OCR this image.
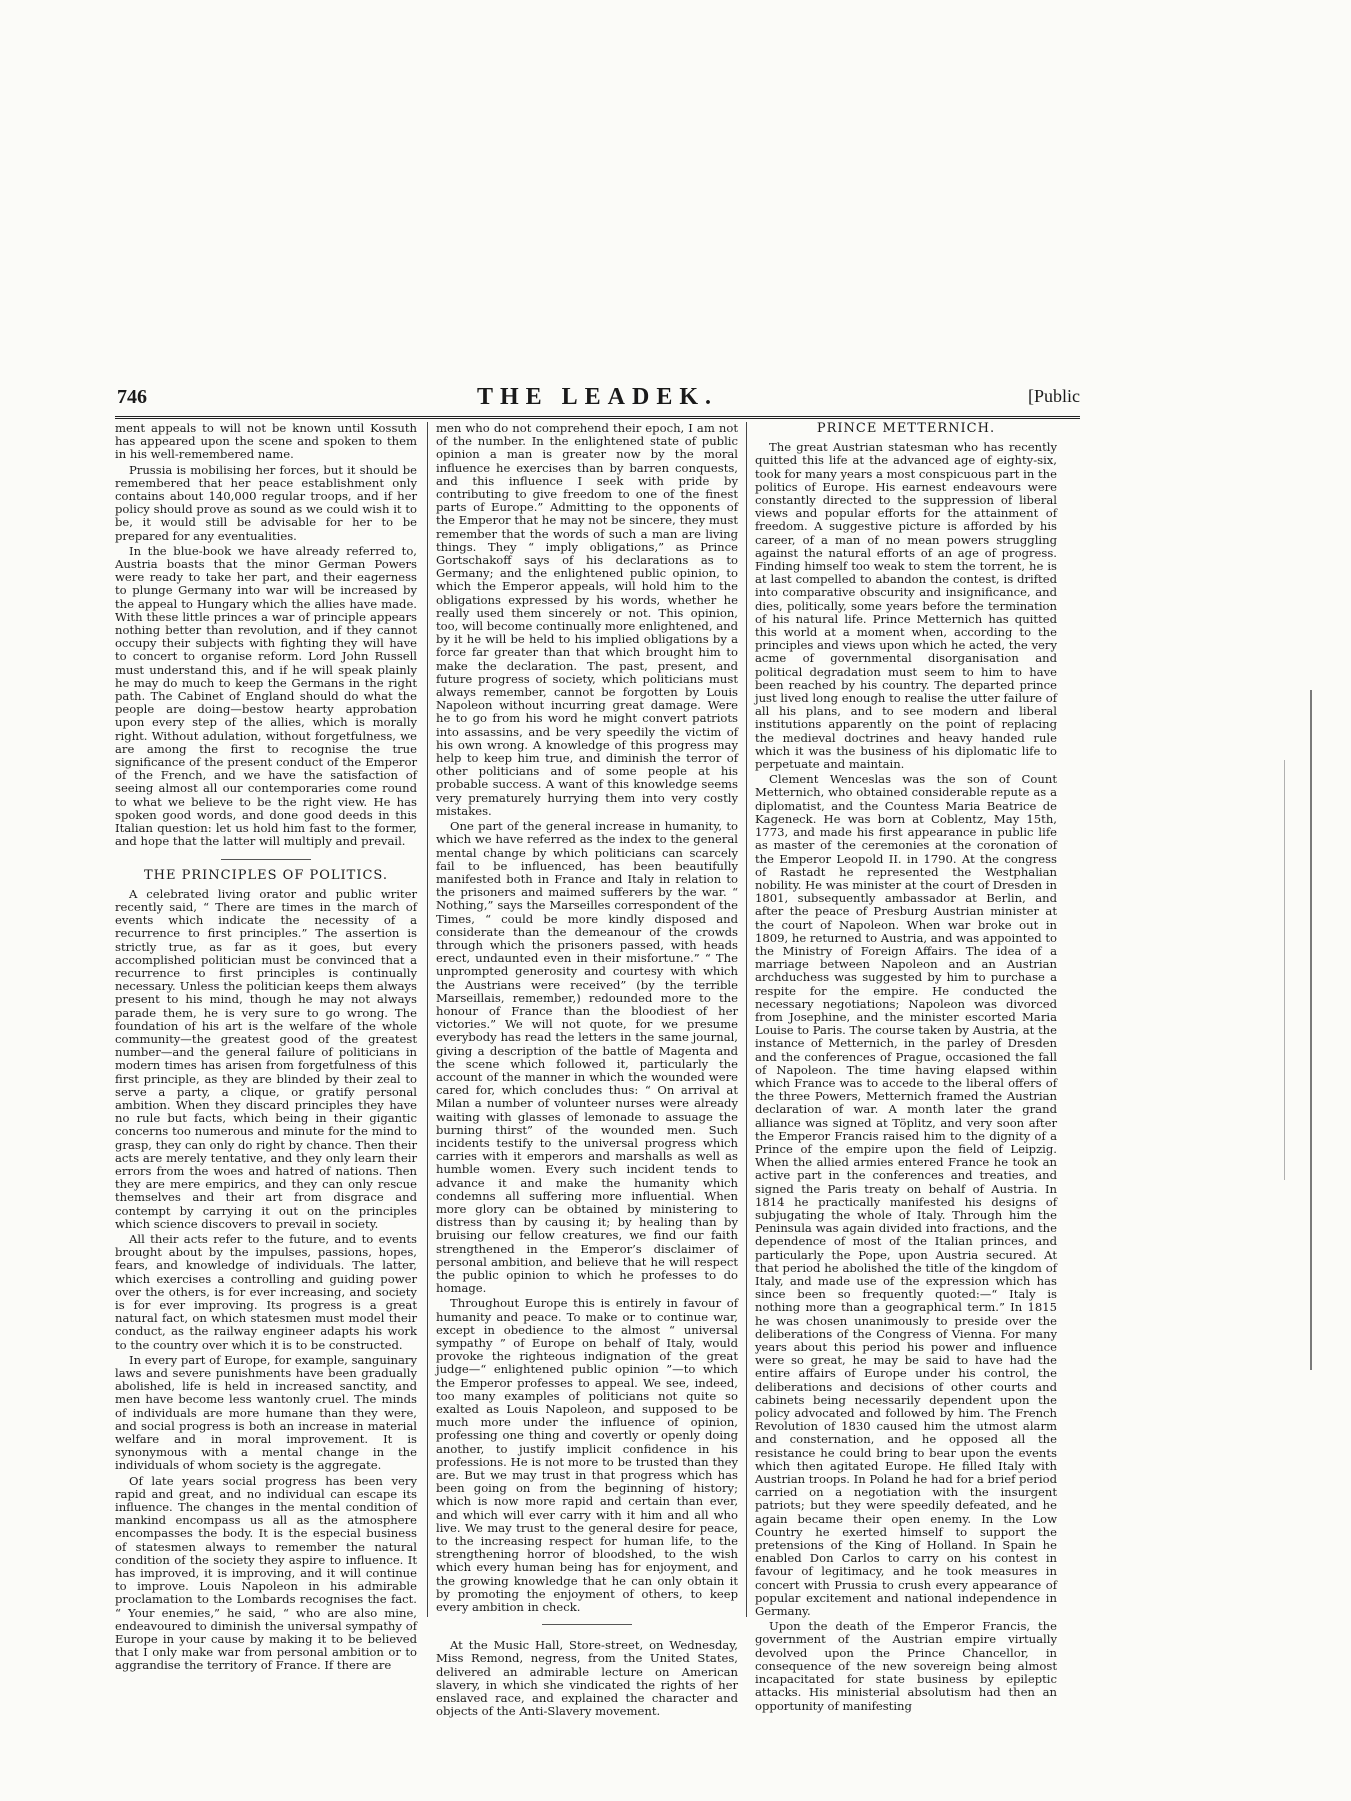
746	THE LEADEK.	[Public

ment appeals to will not be known until Kossuth has appeared upon the scene and spoken to them in his well-remembered name.

Prussia is mobilising her forces, but it should be remembered that her peace establishment only contains about 140,000 regular troops, and if her policy should prove as sound as we could wish it to be, it would still be advisable for her to be prepared for any eventualities.

In the blue-book we have already referred to, Austria boasts that the minor German Powers were ready to take her part, and their eagerness to plunge Germany into war will be increased by the appeal to Hungary which the allies have made. With these little princes a war of principle appears nothing better than revolution, and if they cannot occupy their subjects with fighting they will have to concert to organise reform. Lord John Russell must understand this, and if he will speak plainly he may do much to keep the Germans in the right path. The Cabinet of England should do what the people are doing—bestow hearty approbation upon every step of the allies, which is morally right. Without adulation, without forgetfulness, we are among the first to recognise the true significance of the present conduct of the Emperor of the French, and we have the satisfaction of seeing almost all our contemporaries come round to what we believe to be the right view. He has spoken good words, and done good deeds in this Italian question: let us hold him fast to the former, and hope that the latter will multiply and prevail.

THE PRINCIPLES OF POLITICS.

A celebrated living orator and public writer recently said, “ There are times in the march of events which indicate the necessity of a recurrence to first principles.” The assertion is strictly true, as far as it goes, but every accomplished politician must be convinced that a recurrence to first principles is continually necessary. Unless the politician keeps them always present to his mind, though he may not always parade them, he is very sure to go wrong. The foundation of his art is the welfare of the whole community—the greatest good of the greatest number—and the general failure of politicians in modern times has arisen from forgetfulness of this first principle, as they are blinded by their zeal to serve a party, a clique, or gratify personal ambition. When they discard principles they have no rule but facts, which being in their gigantic concerns too numerous and minute for the mind to grasp, they can only do right by chance. Then their acts are merely tentative, and they only learn their errors from the woes and hatred of nations. Then they are mere empirics, and they can only rescue themselves and their art from disgrace and contempt by carrying it out on the principles which science discovers to prevail in society.

All their acts refer to the future, and to events brought about by the impulses, passions, hopes, fears, and knowledge of individuals. The latter, which exercises a controlling and guiding power over the others, is for ever increasing, and society is for ever improving. Its progress is a great natural fact, on which statesmen must model their conduct, as the railway engineer adapts his work to the country over which it is to be constructed.

In every part of Europe, for example, sanguinary laws and severe punishments have been gradually abolished, life is held in increased sanctity, and men have become less wantonly cruel. The minds of individuals are more humane than they were, and social progress is both an increase in material welfare and in moral improvement. It is synonymous with a mental change in the individuals of whom society is the aggregate.

Of late years social progress has been very rapid and great, and no individual can escape its influence. The changes in the mental condition of mankind encompass us all as the atmosphere encompasses the body. It is the especial business of statesmen always to remember the natural condition of the society they aspire to influence. It has improved, it is improving, and it will continue to improve. Louis Napoleon in his admirable proclamation to the Lombards recognises the fact. “ Your enemies,” he said, “ who are also mine, endeavoured to diminish the universal sympathy of Europe in your cause by making it to be believed that I only make war from personal ambition or to aggrandise the territory of France. If there are

men who do not comprehend their epoch, I am not of the number. In the enlightened state of public opinion a man is greater now by the moral influence he exercises than by barren conquests, and this influence I seek with pride by contributing to give freedom to one of the finest parts of Europe.” Admitting to the opponents of the Emperor that he may not be sincere, they must remember that the words of such a man are living things. They “ imply obligations,” as Prince Gortschakoff says of his declarations as to Germany; and the enlightened public opinion, to which the Emperor appeals, will hold him to the obligations expressed by his words, whether he really used them sincerely or not. This opinion, too, will become continually more enlightened, and by it he will be held to his implied obligations by a force far greater than that which brought him to make the declaration. The past, present, and future progress of society, which politicians must always remember, cannot be forgotten by Louis Napoleon without incurring great damage. Were he to go from his word he might convert patriots into assassins, and be very speedily the victim of his own wrong. A knowledge of this progress may help to keep him true, and diminish the terror of other politicians and of some people at his probable success. A want of this knowledge seems very prematurely hurrying them into very costly mistakes.

One part of the general increase in humanity, to which we have referred as the index to the general mental change by which politicians can scarcely fail to be influenced, has been beautifully manifested both in France and Italy in relation to the prisoners and maimed sufferers by the war. “ Nothing,” says the Marseilles correspondent of the Times, “ could be more kindly disposed and considerate than the demeanour of the crowds through which the prisoners passed, with heads erect, undaunted even in their misfortune.” “ The unprompted generosity and courtesy with which the Austrians were received” (by the terrible Marseillais, remember,) redounded more to the honour of France than the bloodiest of her victories.” We will not quote, for we presume everybody has read the letters in the same journal, giving a description of the battle of Magenta and the scene which followed it, particularly the account of the manner in which the wounded were cared for, which concludes thus: “ On arrival at Milan a number of volunteer nurses were already waiting with glasses of lemonade to assuage the burning thirst” of the wounded men. Such incidents testify to the universal progress which carries with it emperors and marshalls as well as humble women. Every such incident tends to advance it and make the humanity which condemns all suffering more influential. When more glory can be obtained by ministering to distress than by causing it; by healing than by bruising our fellow creatures, we find our faith strengthened in the Emperor’s disclaimer of personal ambition, and believe that he will respect the public opinion to which he professes to do homage.

Throughout Europe this is entirely in favour of humanity and peace. To make or to continue war, except in obedience to the almost “ universal sympathy ” of Europe on behalf of Italy, would provoke the righteous indignation of the great judge—“ enlightened public opinion ”—to which the Emperor professes to appeal. We see, indeed, too many examples of politicians not quite so exalted as Louis Napoleon, and supposed to be much more under the influence of opinion, professing one thing and covertly or openly doing another, to justify implicit confidence in his professions. He is not more to be trusted than they are. But we may trust in that progress which has been going on from the beginning of history; which is now more rapid and certain than ever, and which will ever carry with it him and all who live. We may trust to the general desire for peace, to the increasing respect for human life, to the strengthening horror of bloodshed, to the wish which every human being has for enjoyment, and the growing knowledge that he can only obtain it by promoting the enjoyment of others, to keep every ambition in check.

At the Music Hall, Store-street, on Wednesday, Miss Remond, negress, from the United States, delivered an admirable lecture on American slavery, in which she vindicated the rights of her enslaved race, and explained the character and objects of the Anti-Slavery movement.

PRINCE METTERNICH.

The great Austrian statesman who has recently quitted this life at the advanced age of eighty-six, took for many years a most conspicuous part in the politics of Europe. His earnest endeavours were constantly directed to the suppression of liberal views and popular efforts for the attainment of freedom. A suggestive picture is afforded by his career, of a man of no mean powers struggling against the natural efforts of an age of progress. Finding himself too weak to stem the torrent, he is at last compelled to abandon the contest, is drifted into comparative obscurity and insignificance, and dies, politically, some years before the termination of his natural life. Prince Metternich has quitted this world at a moment when, according to the principles and views upon which he acted, the very acme of governmental disorganisation and political degradation must seem to him to have been reached by his country. The departed prince just lived long enough to realise the utter failure of all his plans, and to see modern and liberal institutions apparently on the point of replacing the medieval doctrines and heavy handed rule which it was the business of his diplomatic life to perpetuate and maintain.

Clement Wenceslas was the son of Count Metternich, who obtained considerable repute as a diplomatist, and the Countess Maria Beatrice de Kageneck. He was born at Coblentz, May 15th, 1773, and made his first appearance in public life as master of the ceremonies at the coronation of the Emperor Leopold II. in 1790. At the congress of Rastadt he represented the Westphalian nobility. He was minister at the court of Dresden in 1801, subsequently ambassador at Berlin, and after the peace of Presburg Austrian minister at the court of Napoleon. When war broke out in 1809, he returned to Austria, and was appointed to the Ministry of Foreign Affairs. The idea of a marriage between Napoleon and an Austrian archduchess was suggested by him to purchase a respite for the empire. He conducted the necessary negotiations; Napoleon was divorced from Josephine, and the minister escorted Maria Louise to Paris. The course taken by Austria, at the instance of Metternich, in the parley of Dresden and the conferences of Prague, occasioned the fall of Napoleon. The time having elapsed within which France was to accede to the liberal offers of the three Powers, Metternich framed the Austrian declaration of war. A month later the grand alliance was signed at Töplitz, and very soon after the Emperor Francis raised him to the dignity of a Prince of the empire upon the field of Leipzig. When the allied armies entered France he took an active part in the conferences and treaties, and signed the Paris treaty on behalf of Austria. In 1814 he practically manifested his designs of subjugating the whole of Italy. Through him the Peninsula was again divided into fractions, and the dependence of most of the Italian princes, and particularly the Pope, upon Austria secured. At that period he abolished the title of the kingdom of Italy, and made use of the expression which has since been so frequently quoted:—“ Italy is nothing more than a geographical term.” In 1815 he was chosen unanimously to preside over the deliberations of the Congress of Vienna. For many years about this period his power and influence were so great, he may be said to have had the entire affairs of Europe under his control, the deliberations and decisions of other courts and cabinets being necessarily dependent upon the policy advocated and followed by him. The French Revolution of 1830 caused him the utmost alarm and consternation, and he opposed all the resistance he could bring to bear upon the events which then agitated Europe. He filled Italy with Austrian troops. In Poland he had for a brief period carried on a negotiation with the insurgent patriots; but they were speedily defeated, and he again became their open enemy. In the Low Country he exerted himself to support the pretensions of the King of Holland. In Spain he enabled Don Carlos to carry on his contest in favour of legitimacy, and he took measures in concert with Prussia to crush every appearance of popular excitement and national independence in Germany.

Upon the death of the Emperor Francis, the government of the Austrian empire virtually devolved upon the Prince Chancellor, in consequence of the new sovereign being almost incapacitated for state business by epileptic attacks. His ministerial absolutism had then an opportunity of manifesting
